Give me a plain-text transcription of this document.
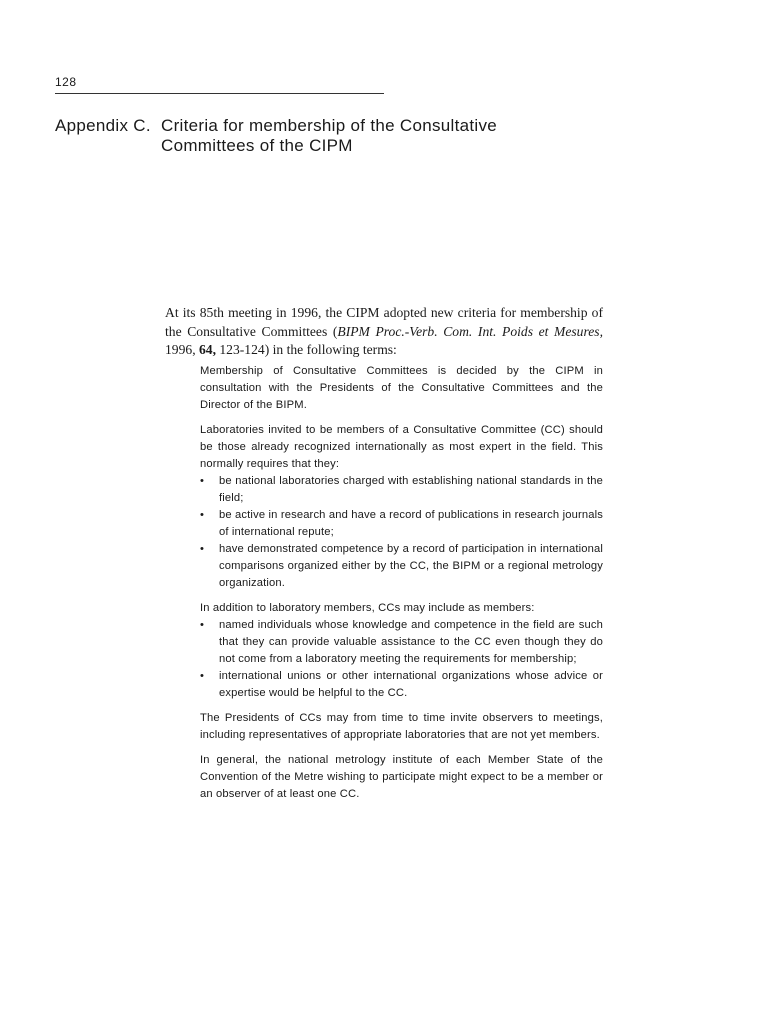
128
Appendix C. Criteria for membership of the Consultative
Committees of the CIPM
At its 85th meeting in 1996, the CIPM adopted new criteria for membership of the Consultative Committees (BIPM Proc.-Verb. Com. Int. Poids et Mesures, 1996, 64, 123-124) in the following terms:

Membership of Consultative Committees is decided by the CIPM in consultation with the Presidents of the Consultative Committees and the Director of the BIPM.

Laboratories invited to be members of a Consultative Committee (CC) should be those already recognized internationally as most expert in the field. This normally requires that they:

• be national laboratories charged with establishing national standards in the field;
• be active in research and have a record of publications in research journals of international repute;
• have demonstrated competence by a record of participation in international comparisons organized either by the CC, the BIPM or a regional metrology organization.

In addition to laboratory members, CCs may include as members:

• named individuals whose knowledge and competence in the field are such that they can provide valuable assistance to the CC even though they do not come from a laboratory meeting the requirements for membership;
• international unions or other international organizations whose advice or expertise would be helpful to the CC.

The Presidents of CCs may from time to time invite observers to meetings, including representatives of appropriate laboratories that are not yet members.

In general, the national metrology institute of each Member State of the Convention of the Metre wishing to participate might expect to be a member or an observer of at least one CC.
